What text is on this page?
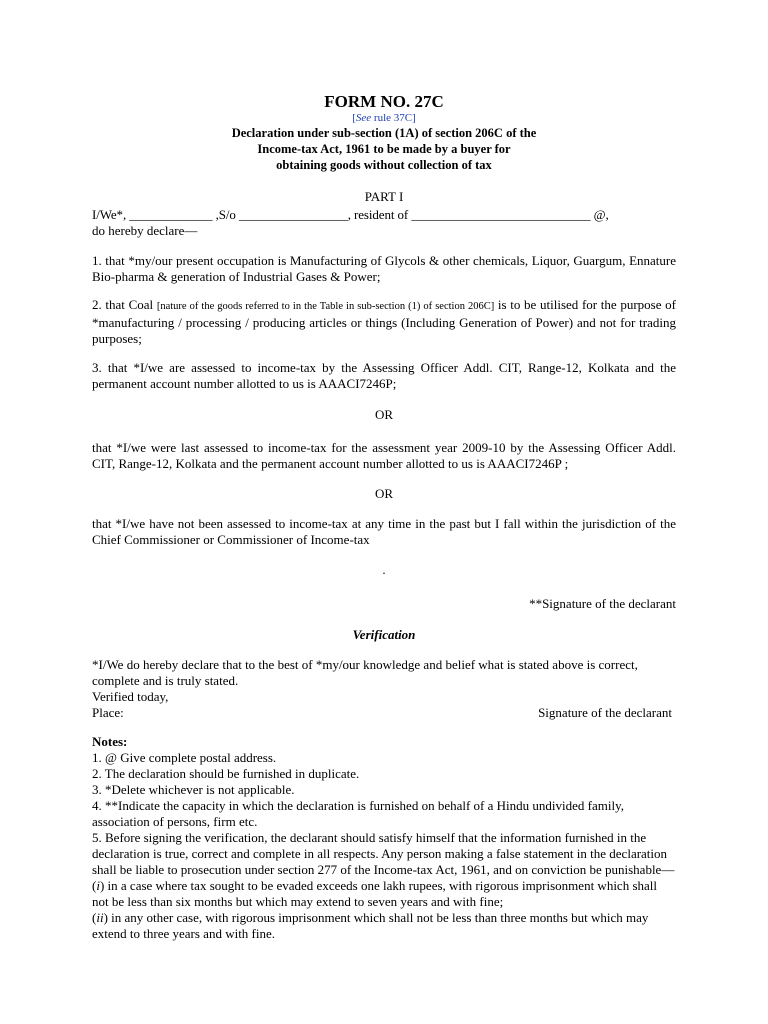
FORM NO. 27C
[See rule 37C]
Declaration under sub-section (1A) of section 206C of the
Income-tax Act, 1961 to be made by a buyer for
obtaining goods without collection of tax
PART I
I/We*, _____________ ,S/o _________________, resident of ____________________________ @,
do hereby declare—
1. that *my/our present occupation is Manufacturing of Glycols & other chemicals, Liquor, Guargum, Ennature Bio-pharma & generation of Industrial Gases & Power;
2. that Coal [nature of the goods referred to in the Table in sub-section (1) of section 206C] is to be utilised for the purpose of *manufacturing / processing / producing articles or things (Including Generation of Power) and not for trading purposes;
3. that *I/we are assessed to income-tax by the Assessing Officer Addl. CIT, Range-12, Kolkata and the permanent account number allotted to us is AAACI7246P;
OR
that *I/we were last assessed to income-tax for the assessment year 2009-10 by the Assessing Officer Addl. CIT, Range-12, Kolkata and the permanent account number allotted to us is AAACI7246P ;
OR
that *I/we have not been assessed to income-tax at any time in the past but I fall within the jurisdiction of the Chief Commissioner or Commissioner of Income-tax
.
**Signature of the declarant
Verification
*I/We do hereby declare that to the best of *my/our knowledge and belief what is stated above is correct, complete and is truly stated.
Verified today,
Place:	Signature of the declarant
Notes:
1. @ Give complete postal address.
2. The declaration should be furnished in duplicate.
3. *Delete whichever is not applicable.
4. **Indicate the capacity in which the declaration is furnished on behalf of a Hindu undivided family, association of persons, firm etc.
5. Before signing the verification, the declarant should satisfy himself that the information furnished in the declaration is true, correct and complete in all respects. Any person making a false statement in the declaration shall be liable to prosecution under section 277 of the Income-tax Act, 1961, and on conviction be punishable—
(i) in a case where tax sought to be evaded exceeds one lakh rupees, with rigorous imprisonment which shall not be less than six months but which may extend to seven years and with fine;
(ii) in any other case, with rigorous imprisonment which shall not be less than three months but which may extend to three years and with fine.
